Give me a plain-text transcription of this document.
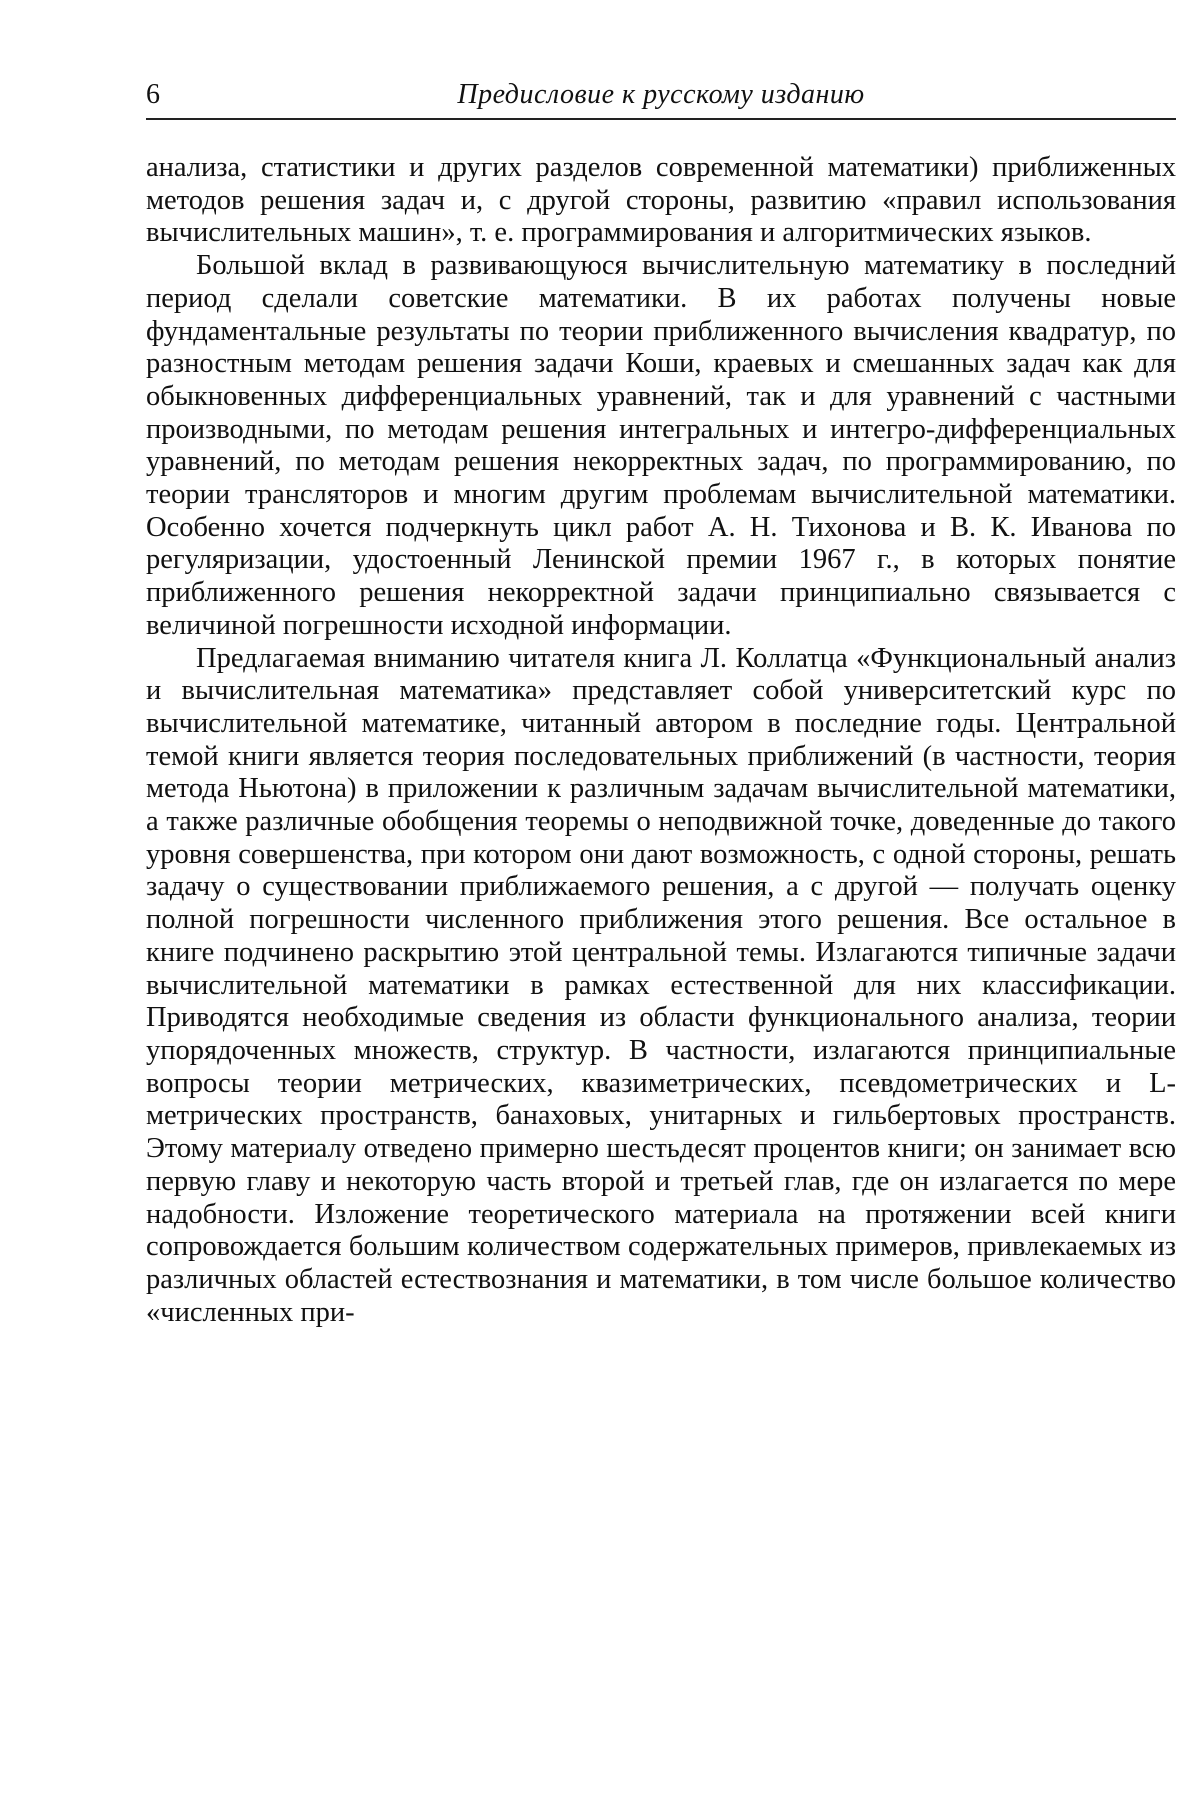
6	Предисловие к русскому изданию

анализа, статистики и других разделов современной математики) приближенных методов решения задач и, с другой стороны, развитию «правил использования вычислительных машин», т. е. программирования и алгоритмических языков.

Большой вклад в развивающуюся вычислительную математику в последний период сделали советские математики. В их работах получены новые фундаментальные результаты по теории приближенного вычисления квадратур, по разностным методам решения задачи Коши, краевых и смешанных задач как для обыкновенных дифференциальных уравнений, так и для уравнений с частными производными, по методам решения интегральных и интегро-дифференциальных уравнений, по методам решения некорректных задач, по программированию, по теории трансляторов и многим другим проблемам вычислительной математики. Особенно хочется подчеркнуть цикл работ А. Н. Тихонова и В. К. Иванова по регуляризации, удостоенный Ленинской премии 1967 г., в которых понятие приближенного решения некорректной задачи принципиально связывается с величиной погрешности исходной информации.

Предлагаемая вниманию читателя книга Л. Коллатца «Функциональный анализ и вычислительная математика» представляет собой университетский курс по вычислительной математике, читанный автором в последние годы. Центральной темой книги является теория последовательных приближений (в частности, теория метода Ньютона) в приложении к различным задачам вычислительной математики, а также различные обобщения теоремы о неподвижной точке, доведенные до такого уровня совершенства, при котором они дают возможность, с одной стороны, решать задачу о существовании приближаемого решения, а с другой — получать оценку полной погрешности численного приближения этого решения. Все остальное в книге подчинено раскрытию этой центральной темы. Излагаются типичные задачи вычислительной математики в рамках естественной для них классификации. Приводятся необходимые сведения из области функционального анализа, теории упорядоченных множеств, структур. В частности, излагаются принципиальные вопросы теории метрических, квазиметрических, псевдометрических и L-метрических пространств, банаховых, унитарных и гильбертовых пространств. Этому материалу отведено примерно шестьдесят процентов книги; он занимает всю первую главу и некоторую часть второй и третьей глав, где он излагается по мере надобности. Изложение теоретического материала на протяжении всей книги сопровождается большим количеством содержательных примеров, привлекаемых из различных областей естествознания и математики, в том числе большое количество «численных при-
